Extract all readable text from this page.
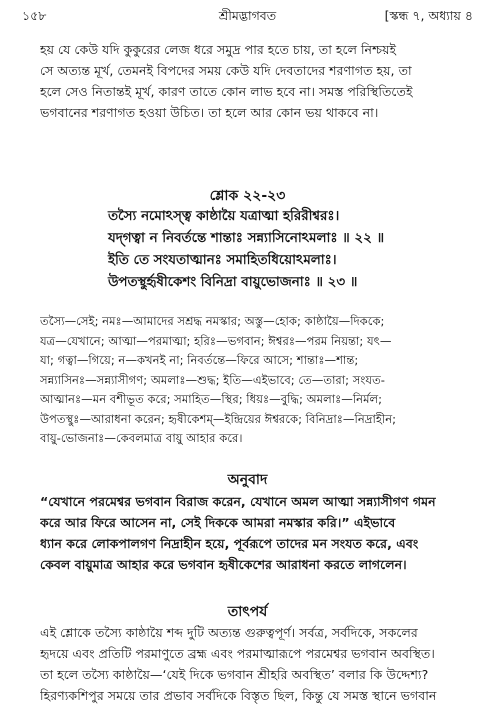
১৫৮	শ্রীমদ্ভাগবত	[স্কন্ধ ৭, অধ্যায় ৪

হয় যে কেউ যদি কুকুরের লেজ ধরে সমুদ্র পার হতে চায়, তা হলে নিশ্চয়ই

সে অত্যন্ত মূর্খ, তেমনই বিপদের সময় কেউ যদি দেবতাদের শরণাগত হয়, তা

হলে সেও নিতান্তই মূর্খ, কারণ তাতে কোন লাভ হবে না। সমস্ত পরিস্থিতিতেই

ভগবানের শরণাগত হওয়া উচিত। তা হলে আর কোন ভয় থাকবে না।

শ্লোক ২২-২৩

তস্যৈ নমোঽস্ত্ব কাষ্ঠায়ৈ যত্রাত্মা হরিরীশ্বরঃ।

যদ্‌গত্বা ন নিবর্তন্তে শান্তাঃ সন্ন্যাসিনোঽমলাঃ ॥ ২২ ॥

ইতি তে সংযতাত্মানঃ সমাহিতধিয়োঽমলাঃ।

উপতস্থুর্হৃষীকেশং বিনিদ্রা বায়ুভোজনাঃ ॥ ২৩ ॥

তস্যৈ—সেই; নমঃ—আমাদের সশ্রদ্ধ নমস্কার; অস্তু—হোক; কাষ্ঠায়ৈ—দিককে;

যত্র—যেখানে; আত্মা—পরমাত্মা; হরিঃ—ভগবান; ঈশ্বরঃ—পরম নিয়ন্তা; যৎ—

যা; গত্বা—গিয়ে; ন—কখনই না; নিবর্তন্তে—ফিরে আসে; শান্তাঃ—শান্ত;

সন্ন্যাসিনঃ—সন্ন্যাসীগণ; অমলাঃ—শুদ্ধ; ইতি—এইভাবে; তে—তারা; সংযত-

আত্মানঃ—মন বশীভূত করে; সমাহিত—স্থির; ধিয়ঃ—বুদ্ধি; অমলাঃ—নির্মল;

উপতস্থুঃ—আরাধনা করেন; হৃষীকেশম্‌—ইন্দ্রিয়ের ঈশ্বরকে; বিনিদ্রাঃ—নিদ্রাহীন;

বায়ু-ভোজনাঃ—কেবলমাত্র বায়ু আহার করে।

অনুবাদ

“যেখানে পরমেশ্বর ভগবান বিরাজ করেন, যেখানে অমল আত্মা সন্ন্যাসীগণ গমন

করে আর ফিরে আসেন না, সেই দিককে আমরা নমস্কার করি।” এইভাবে

ধ্যান করে লোকপালগণ নিদ্রাহীন হয়ে, পূর্বরূপে তাদের মন সংযত করে, এবং

কেবল বায়ুমাত্র আহার করে ভগবান হৃষীকেশের আরাধনা করতে লাগলেন।

তাৎপর্য

এই শ্লোকে তস্যৈ কাষ্ঠায়ৈ শব্দ দুটি অত্যন্ত গুরুত্বপূর্ণ। সর্বত্র, সর্বদিকে, সকলের

হৃদয়ে এবং প্রতিটি পরমাণুতে ব্রহ্ম এবং পরমাত্মারূপে পরমেশ্বর ভগবান অবস্থিত।

তা হলে তস্যৈ কাষ্ঠায়ৈ—‘যেই দিকে ভগবান শ্রীহরি অবস্থিত’ বলার কি উদ্দেশ্য?

হিরণ্যকশিপুর সময়ে তার প্রভাব সর্বদিকে বিস্তৃত ছিল, কিন্তু যে সমস্ত স্থানে ভগবান
